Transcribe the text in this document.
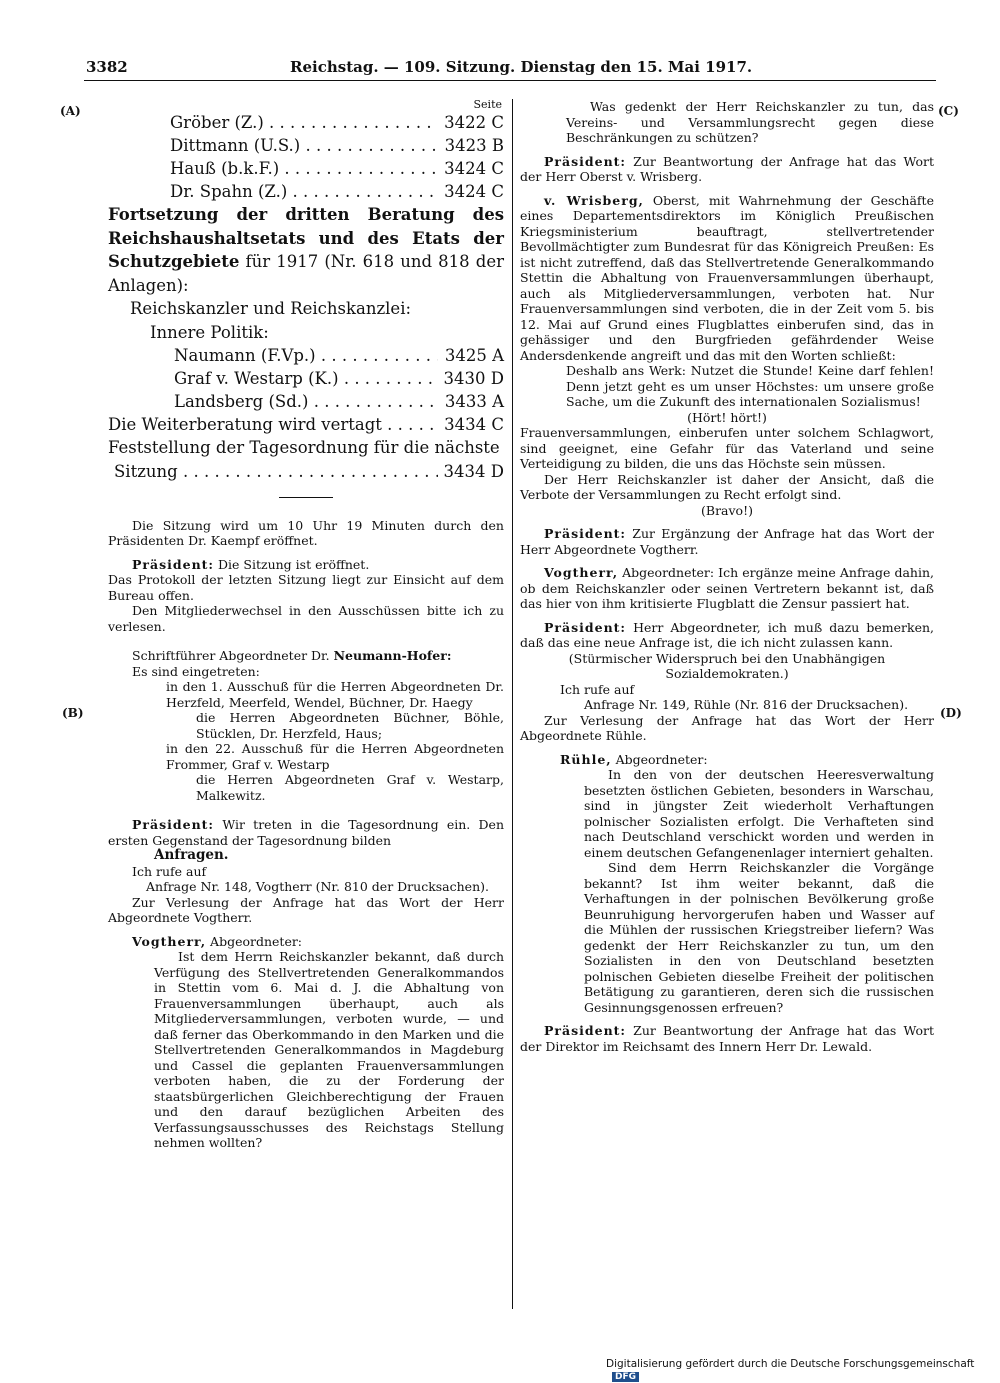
3382	Reichstag. — 109. Sitzung. Dienstag den 15. Mai 1917.
(A)
(B)
(C)
(D)
Seite
Gröber (Z.) . . .	3422 C
Dittmann (U.S.) . . .	3423 B
Hauß (b.k.F.) . . .	3424 C
Dr. Spahn (Z.) . . .	3424 C

Fortsetzung der dritten Beratung des Reichshaushaltsetats und des Etats der Schutzgebiete für 1917 (Nr. 618 und 818 der Anlagen):

Reichskanzler und Reichskanzlei:
Innere Politik:
Naumann (F.Vp.) . . .	3425 A
Graf v. Westarp (K.) . . .	3430 D
Landsberg (Sd.) . . .	3433 A
Die Weiterberatung wird vertagt . . .	3434 C
Feststellung der Tagesordnung für die nächste
Sitzung . . .	3434 D

Die Sitzung wird um 10 Uhr 19 Minuten durch den Präsidenten Dr. Kaempf eröffnet.

Präsident: Die Sitzung ist eröffnet.

Das Protokoll der letzten Sitzung liegt zur Einsicht auf dem Bureau offen.

Den Mitgliederwechsel in den Ausschüssen bitte ich zu verlesen.

Schriftführer Abgeordneter Dr. Neumann-Hofer:

Es sind eingetreten:

in den 1. Ausschuß für die Herren Abgeordneten Dr. Herzfeld, Meerfeld, Wendel, Büchner, Dr. Haegy

die Herren Abgeordneten Büchner, Böhle, Stücklen, Dr. Herzfeld, Haus;

in den 22. Ausschuß für die Herren Abgeordneten Frommer, Graf v. Westarp

die Herren Abgeordneten Graf v. Westarp, Malkewitz.

Präsident: Wir treten in die Tagesordnung ein. Den ersten Gegenstand der Tagesordnung bilden

Anfragen.

Ich rufe auf

Anfrage Nr. 148, Vogtherr (Nr. 810 der Drucksachen).

Zur Verlesung der Anfrage hat das Wort der Herr Abgeordnete Vogtherr.

Vogtherr, Abgeordneter:

Ist dem Herrn Reichskanzler bekannt, daß durch Verfügung des Stellvertretenden Generalkommandos in Stettin vom 6. Mai d. J. die Abhaltung von Frauenversammlungen überhaupt, auch als Mitgliederversammlungen, verboten wurde, — und daß ferner das Oberkommando in den Marken und die Stellvertretenden Generalkommandos in Magdeburg und Cassel die geplanten Frauenversammlungen verboten haben, die zu der Forderung der staatsbürgerlichen Gleichberechtigung der Frauen und den darauf bezüglichen Arbeiten des Verfassungsausschusses des Reichstags Stellung nehmen wollten?

Was gedenkt der Herr Reichskanzler zu tun, das Vereins- und Versammlungsrecht gegen diese Beschränkungen zu schützen?

Präsident: Zur Beantwortung der Anfrage hat das Wort der Herr Oberst v. Wrisberg.

v. Wrisberg, Oberst, mit Wahrnehmung der Geschäfte eines Departementsdirektors im Königlich Preußischen Kriegsministerium beauftragt, stellvertretender Bevollmächtigter zum Bundesrat für das Königreich Preußen: Es ist nicht zutreffend, daß das Stellvertretende Generalkommando Stettin die Abhaltung von Frauenversammlungen überhaupt, auch als Mitgliederversammlungen, verboten hat. Nur Frauenversammlungen sind verboten, die in der Zeit vom 5. bis 12. Mai auf Grund eines Flugblattes einberufen sind, das in gehässiger und den Burgfrieden gefährdender Weise Andersdenkende angreift und das mit den Worten schließt:

Deshalb ans Werk: Nutzet die Stunde! Keine darf fehlen! Denn jetzt geht es um unser Höchstes: um unsere große Sache, um die Zukunft des internationalen Sozialismus!

(Hört! hört!)

Frauenversammlungen, einberufen unter solchem Schlagwort, sind geeignet, eine Gefahr für das Vaterland und seine Verteidigung zu bilden, die uns das Höchste sein müssen.

Der Herr Reichskanzler ist daher der Ansicht, daß die Verbote der Versammlungen zu Recht erfolgt sind.

(Bravo!)

Präsident: Zur Ergänzung der Anfrage hat das Wort der Herr Abgeordnete Vogtherr.

Vogtherr, Abgeordneter: Ich ergänze meine Anfrage dahin, ob dem Reichskanzler oder seinen Vertretern bekannt ist, daß das hier von ihm kritisierte Flugblatt die Zensur passiert hat.

Präsident: Herr Abgeordneter, ich muß dazu bemerken, daß das eine neue Anfrage ist, die ich nicht zulassen kann.

(Stürmischer Widerspruch bei den Unabhängigen Sozialdemokraten.)

Ich rufe auf

Anfrage Nr. 149, Rühle (Nr. 816 der Drucksachen).

Zur Verlesung der Anfrage hat das Wort der Herr Abgeordnete Rühle.

Rühle, Abgeordneter:

In den von der deutschen Heeresverwaltung besetzten östlichen Gebieten, besonders in Warschau, sind in jüngster Zeit wiederholt Verhaftungen polnischer Sozialisten erfolgt. Die Verhafteten sind nach Deutschland verschickt worden und werden in einem deutschen Gefangenenlager interniert gehalten.

Sind dem Herrn Reichskanzler die Vorgänge bekannt? Ist ihm weiter bekannt, daß die Verhaftungen in der polnischen Bevölkerung große Beunruhigung hervorgerufen haben und Wasser auf die Mühlen der russischen Kriegstreiber liefern? Was gedenkt der Herr Reichskanzler zu tun, um den Sozialisten in den von Deutschland besetzten polnischen Gebieten dieselbe Freiheit der politischen Betätigung zu garantieren, deren sich die russischen Gesinnungsgenossen erfreuen?

Präsident: Zur Beantwortung der Anfrage hat das Wort der Direktor im Reichsamt des Innern Herr Dr. Lewald.

Digitalisierung gefördert durch die Deutsche Forschungsgemeinschaft DFG
